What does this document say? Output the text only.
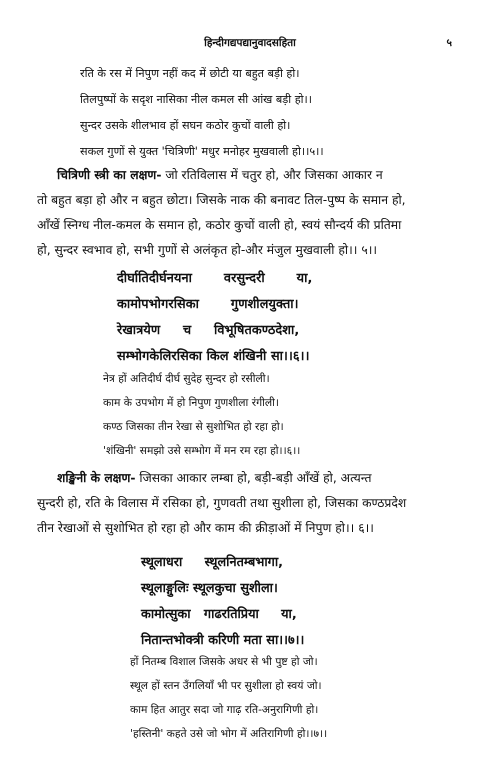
हिन्दीगद्यपद्यानुवादसहिता	५
रति के रस में निपुण नहीं कद में छोटी या बहुत बड़ी हो।
तिलपुष्पों के सदृश नासिका नील कमल सी आंख बड़ी हो।।
सुन्दर उसके शीलभाव हों सघन कठोर कुचों वाली हो।
सकल गुणों से युक्त 'चित्रिणी' मधुर मनोहर मुखवाली हो।।५।।
चित्रिणी स्त्री का लक्षण- जो रतिविलास में चतुर हो, और जिसका आकार न
तो बहुत बड़ा हो और न बहुत छोटा। जिसके नाक की बनावट तिल-पुष्प के समान हो,
आँखें स्निग्ध नील-कमल के समान हो, कठोर कुचों वाली हो, स्वयं सौन्दर्य की प्रतिमा
हो, सुन्दर स्वभाव हो, सभी गुणों से अलंकृत हो-और मंजुल मुखवाली हो।। ५।।
दीर्घातिदीर्घनयना       वरसुन्दरी       या,
कामोपभोगरसिका       गुणशीलयुक्ता।
रेखात्रयेण     च     विभूषितकण्ठदेशा,
सम्भोगकेलिरसिका किल शंखिनी सा।।६।।
नेत्र हों अतिदीर्घ दीर्घ सुदेह सुन्दर हो रसीली।
काम के उपभोग में हो निपुण गुणशीला रंगीली।
कण्ठ जिसका तीन रेखा से सुशोभित हो रहा हो।
'शंखिनी' समझो उसे सम्भोग में मन रम रहा हो।।६।।
शङ्खिनी के लक्षण- जिसका आकार लम्बा हो, बड़ी-बड़ी आँखें हो, अत्यन्त
सुन्दरी हो, रति के विलास में रसिका हो, गुणवती तथा सुशीला हो, जिसका कण्ठप्रदेश
तीन रेखाओं से सुशोभित हो रहा हो और काम की क्रीड़ाओं में निपुण हो।। ६।।
स्थूलाधरा     स्थूलनितम्बभागा,
स्थूलाङ्गुलिः स्थूलकुचा सुशीला।
कामोत्सुका   गाढरतिप्रिया     या,
नितान्तभोक्त्री करिणी मता सा।।७।।
हों नितम्ब विशाल जिसके अधर से भी पुष्ट हो जो।
स्थूल हों स्तन उँगलियाँ भी पर सुशीला हो स्वयं जो।
काम हित आतुर सदा जो गाढ़ रति-अनुरागिणी हो।
'हस्तिनी' कहते उसे जो भोग में अतिरागिणी हो।।७।।
